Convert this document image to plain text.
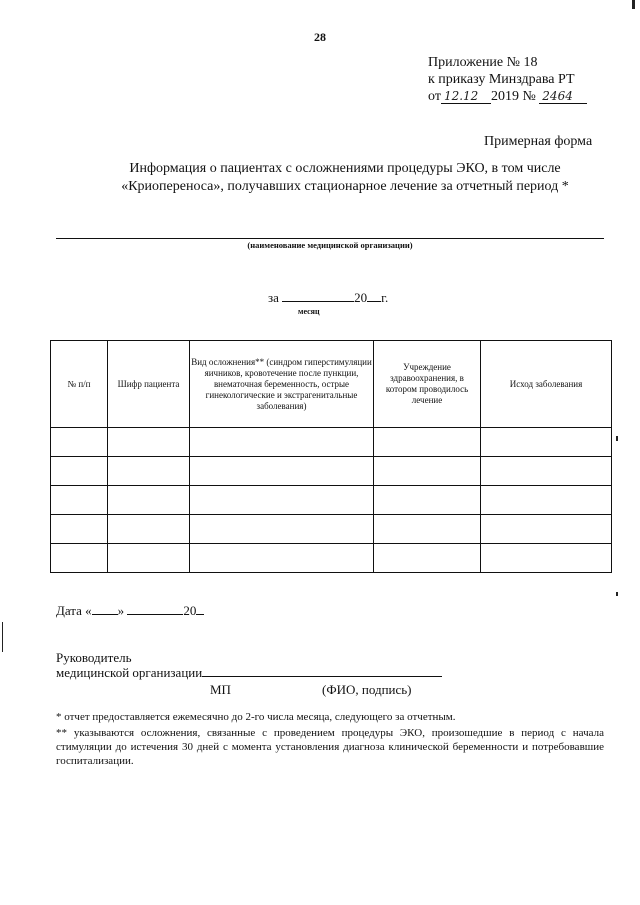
28
Приложение № 18
к приказу Минздрава РТ
от 12.12 2019 № 2464
Примерная форма
Информация о пациентах с осложнениями процедуры ЭКО, в том числе
«Криопереноса», получавших стационарное лечение за отчетный период *
(наименование медицинской организации)
за	20 г.
месяц
№ п/п	Шифр пациента	Вид осложнения** (синдром гиперстимуляции яичников, кровотечение после пункции, внематочная беременность, острые гинекологические и экстрагенитальные заболевания)	Учреждение здравоохранения, в котором проводилось лечение	Исход заболевания

Дата « »	20
Руководитель
медицинской организации
МП	(ФИО, подпись)
* отчет предоставляется ежемесячно до 2-го числа месяца, следующего за отчетным.
** указываются осложнения, связанные с проведением процедуры ЭКО, произошедшие в период с начала стимуляции до истечения 30 дней с момента установления диагноза клинической беременности и потребовавшие госпитализации.
